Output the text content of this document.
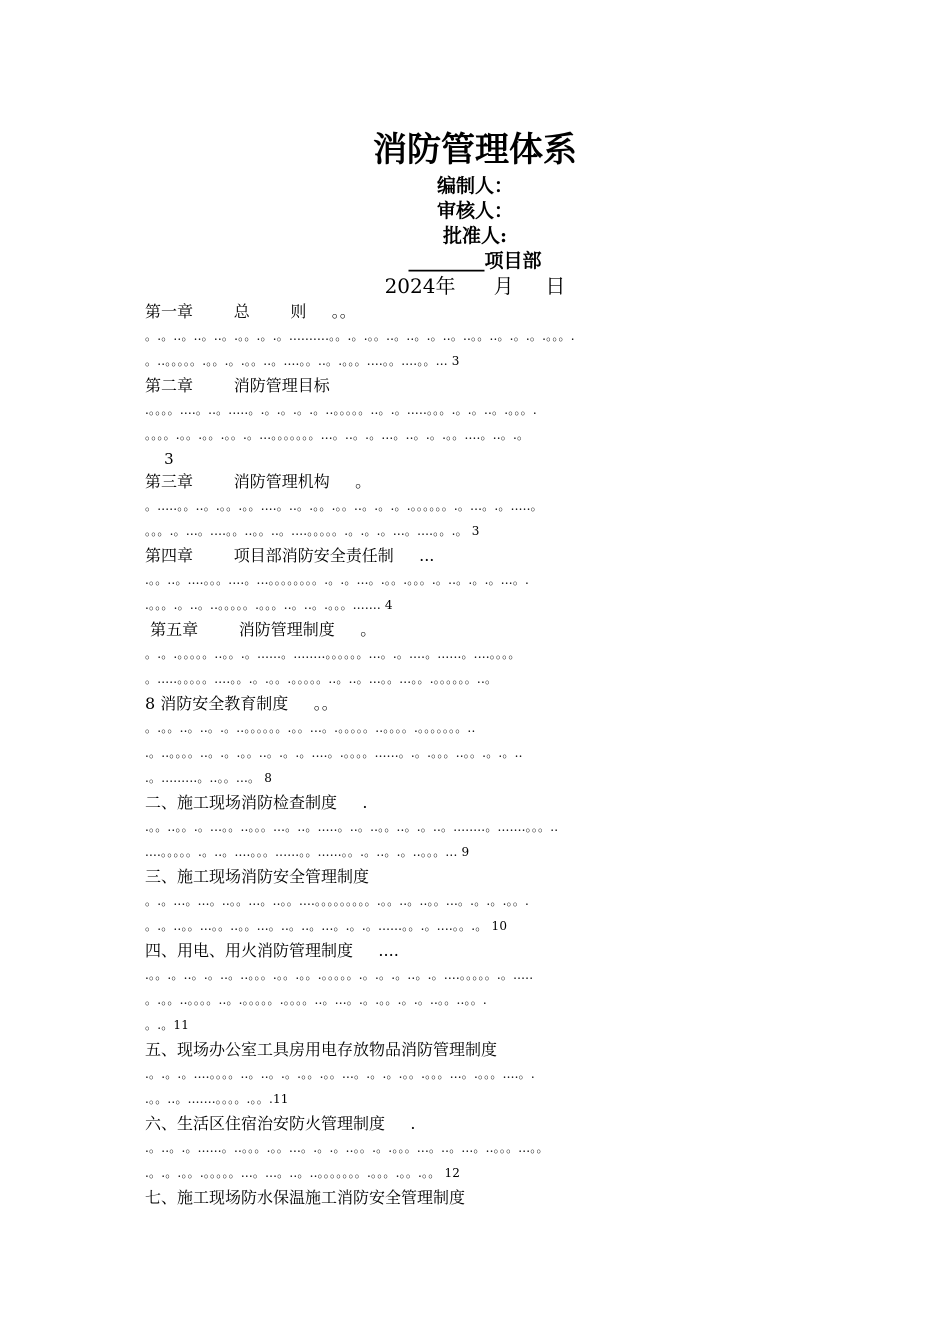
消防管理体系
编制人：
审核人：
批准人:
________项目部
2024年      月     日
第一章        总        则     。。
。.。..。..。..。.。。.。.。..........。。.。.。。..。..。.。..。..。。..。.。.。.。。。.
。..。。。。。.。。.。.。。..。....。。..。.。。。....。。....。。... 3
第二章        消防管理目标
.。。。。....。..。.....。.。.。.。.。..。。。。。..。.。.....。。。.。.。..。.。。。.
。。。。.。。.。。.。。.。...。。。。。。。...。..。.。...。..。.。.。。....。..。.。
3
第三章        消防管理机构     。
。.....。。..。.。。.。。....。..。.。。.。。..。.。.。.。。。。。。.。...。.。.....。
。。。.。...。....。。..。。..。....。。。。。.。.。.。...。....。。.。 3
第四章        项目部消防安全责任制     ...
.。。..。....。。。....。...。。。。。。。。.。.。...。.。。.。。。.。..。.。.。...。.
.。。。.。..。..。。。。。.。。。..。..。.。。。....... 4
第五章        消防管理制度     。
。.。.。。。。。..。。.。......。........。。。。。。...。.。....。......。....。。。。
。.....。。。。。....。。.。.。。.。。。。。..。..。...。。...。。.。。。。。。..。
8 消防安全教育制度     。。
。.。。..。..。.。..。。。。。。.。。...。.。。。。。..。。。。.。。。。。。。..
.。..。。。。..。.。.。。..。.。.。....。.。。。。......。.。.。。。..。。.。.。..
.。.........。..。。...。 8
二、施工现场消防检查制度     .
.。。..。。.。...。。..。。。...。..。.....。..。..。。..。.。..。........。.......。。。..
....。。。。。.。..。....。。。......。。......。。.。..。.。..。。。... 9
三、施工现场消防安全管理制度
。.。...。...。..。。...。..。。....。。。。。。。。。.。。..。..。。...。.。.。.。。.
。.。..。。...。。..。。...。..。..。...。.。.。......。。.。....。。.。 10
四、用电、用火消防管理制度     ....
.。。.。..。.。..。..。。。.。。.。。.。。。。。.。.。.。..。.。....。。。。。.。.....
。.。。..。。。。..。.。。。。。.。。。。..。...。.。.。。.。.。..。。..。。.
。.。11
五、现场办公室工具房用电存放物品消防管理制度
.。.。.。....。。。。..。..。.。.。。.。。...。.。.。.。。.。。。...。.。。。....。.
.。。..。.......。。。。.。。.11
六、生活区住宿治安防火管理制度     .
.。..。.。......。..。。。.。。...。.。.。..。。.。.。。。...。..。...。..。。。...。。
.。.。.。。.。。。。。...。...。..。..。。。。。。。.。。。.。。.。。 12
七、施工现场防水保温施工消防安全管理制度
